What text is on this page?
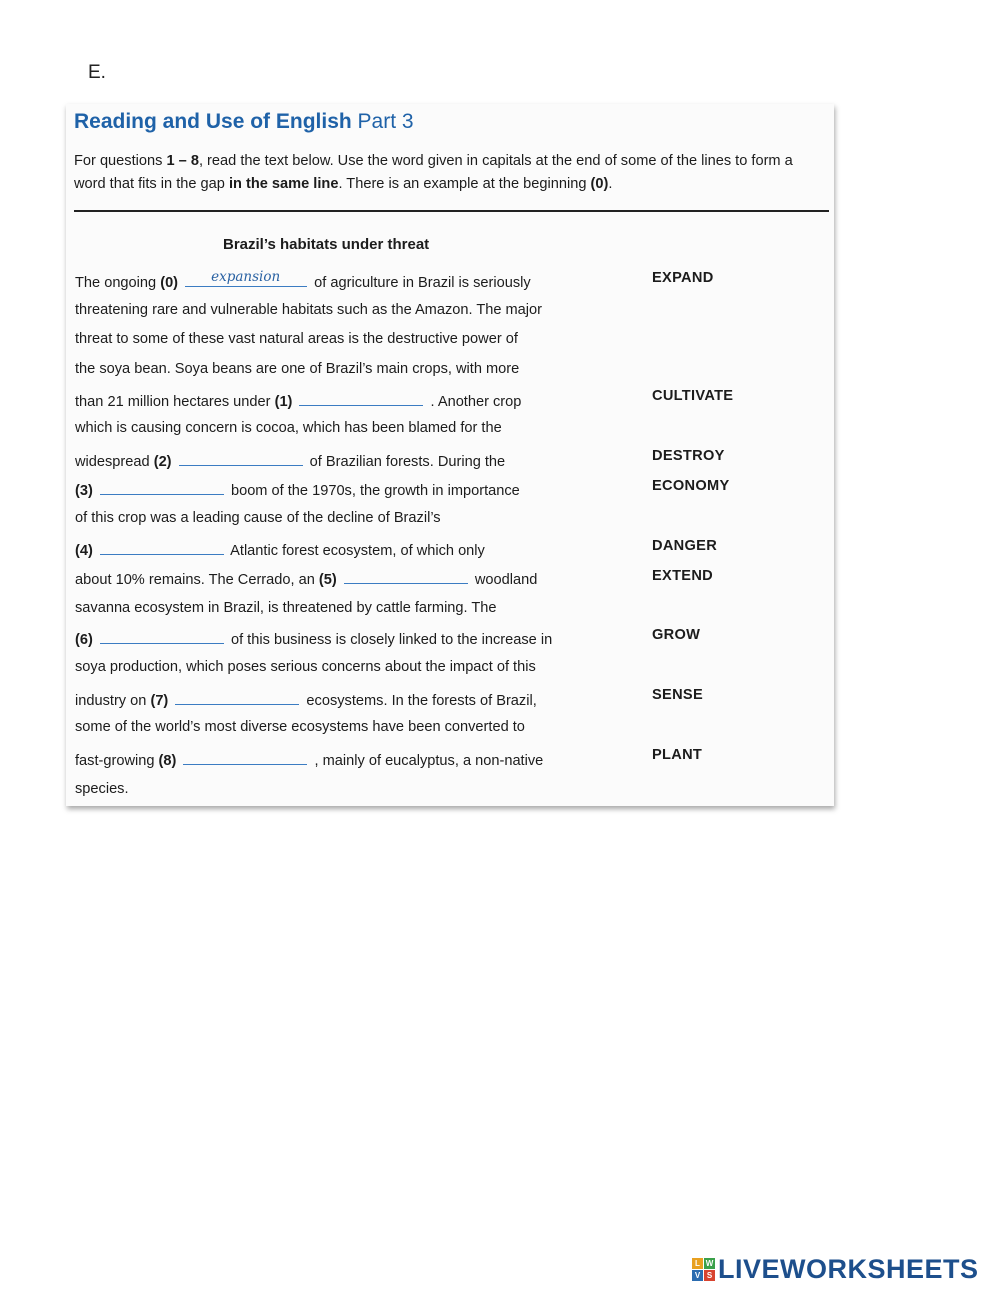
E.
Reading and Use of English Part 3
For questions 1 – 8, read the text below. Use the word given in capitals at the end of some of the lines to form a word that fits in the gap in the same line. There is an example at the beginning (0).
Brazil’s habitats under threat
The ongoing (0) expansion of agriculture in Brazil is seriously
threatening rare and vulnerable habitats such as the Amazon. The major
threat to some of these vast natural areas is the destructive power of
the soya bean. Soya beans are one of Brazil’s main crops, with more
than 21 million hectares under (1)	. Another crop
which is causing concern is cocoa, which has been blamed for the
widespread (2)	of Brazilian forests. During the
(3)	boom of the 1970s, the growth in importance
of this crop was a leading cause of the decline of Brazil’s
(4)	Atlantic forest ecosystem, of which only
about 10% remains. The Cerrado, an (5)	woodland
savanna ecosystem in Brazil, is threatened by cattle farming. The
(6)	of this business is closely linked to the increase in
soya production, which poses serious concerns about the impact of this
industry on (7)	ecosystems. In the forests of Brazil,
some of the world’s most diverse ecosystems have been converted to
fast-growing (8)	, mainly of eucalyptus, a non-native
species.
EXPAND
CULTIVATE
DESTROY
ECONOMY
DANGER
EXTEND
GROW
SENSE
PLANT
L W
V S LIVEWORKSHEETS
